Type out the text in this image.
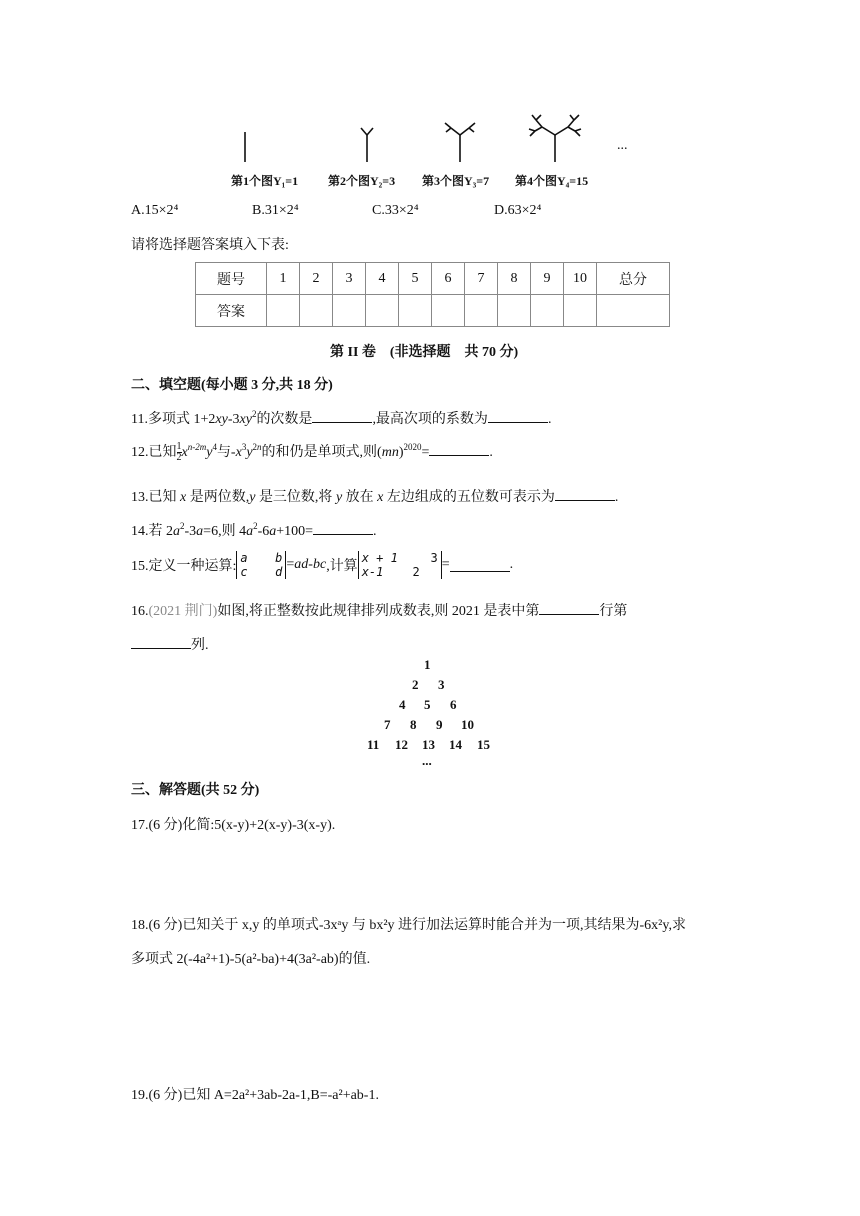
...
第1个图Y₁=1 第2个图Y₂=3 第3个图Y₃=7 第4个图Y₄=15
A.15×2⁴	B.31×2⁴	C.33×2⁴	D.63×2⁴
请将选择题答案填入下表:
题号	1	2	3	4	5	6	7	8	9	10	总分
答案											
第 II 卷　(非选择题　共 70 分)
二、填空题(每小题 3 分,共 18 分)
11.多项式 $1+2xy-3xy^2$的次数是	,最高次项的系数为	.
12.已知 $\frac{1}{2} x^{n-2m}y^4$与$-x^3y^{2n}$的和仍是单项式,则(mn)$^{2020}$=	.
13.已知 x 是两位数,y 是三位数,将 y 放在 x 左边组成的五位数可表示为	.
14.若 $2a^2-3a=6$,则 $4a^2-6a+100=$	.
15.定义一种运算:
a b
c d =ad-bc,计算
x + 1	3
x-1 2	=	.
16.(2021 荆门)如图,将正整数按此规律排列成数表,则 2021 是表中第	行第
列.
1
2 3
4 5 6
7 8 9 10
11 12 13 14 15
...
三、解答题(共 52 分)
17.(6 分)化简:5(x-y)+2(x-y)-3(x-y).
18.(6 分)已知关于 x,y 的单项式-3xᵃy 与 bx²y 进行加法运算时能合并为一项,其结果为-6x²y,求
多项式 2(-4a²+1)-5(a²-ba)+4(3a²-ab)的值.
19.(6 分)已知 A=2a²+3ab-2a-1,B=-a²+ab-1.
